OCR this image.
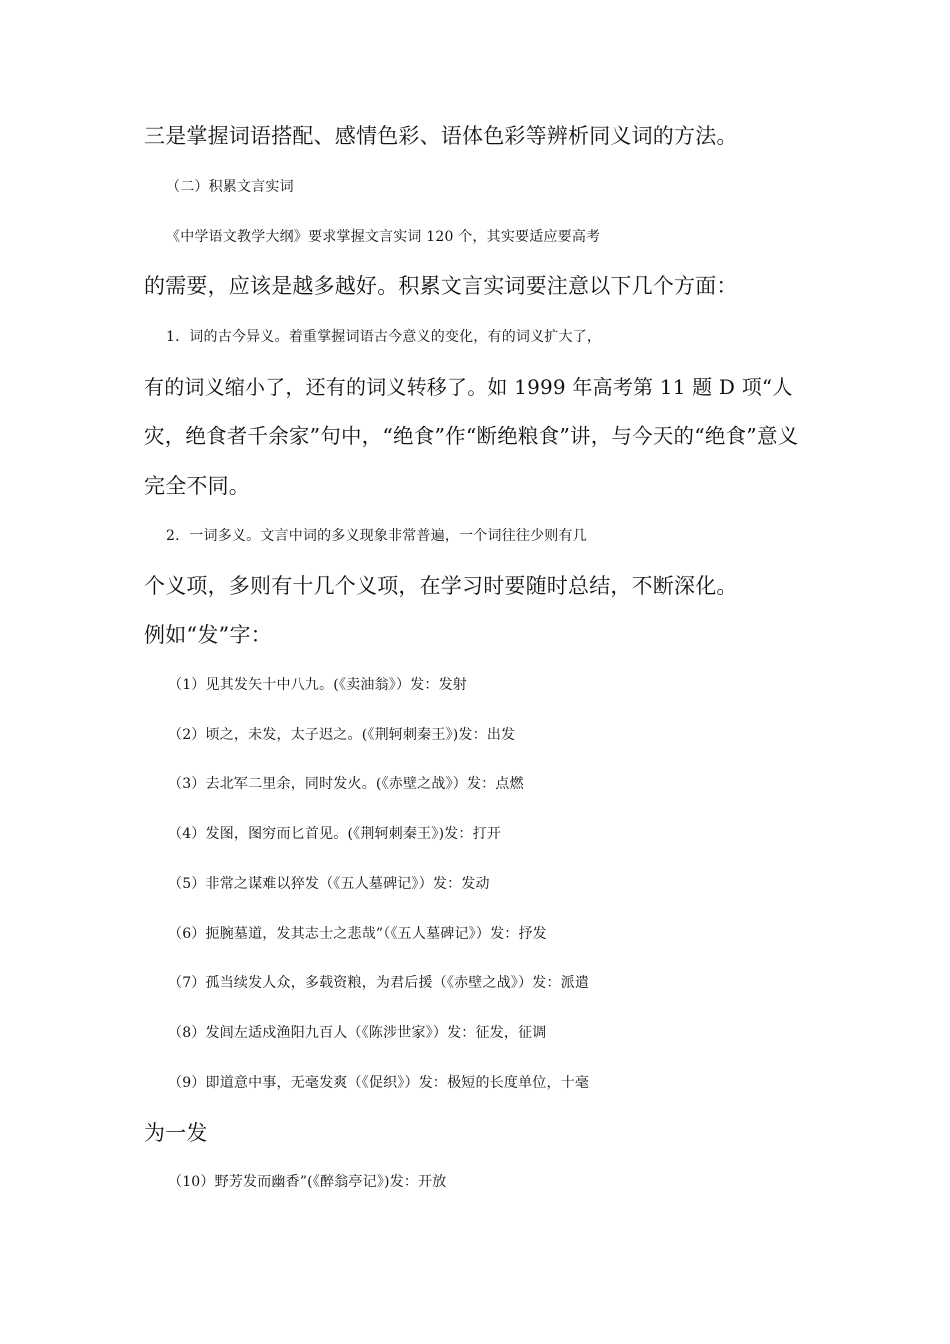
三是掌握词语搭配、感情色彩、语体色彩等辨析同义词的方法。
（二）积累文言实词
《中学语文教学大纲》要求掌握文言实词 120 个，其实要适应要高考
的需要，应该是越多越好。积累文言实词要注意以下几个方面：
1．词的古今异义。着重掌握词语古今意义的变化，有的词义扩大了，
有的词义缩小了，还有的词义转移了。如 1999 年高考第 11 题 D 项“人
灾，绝食者千余家”句中，“绝食”作“断绝粮食”讲，与今天的“绝食”意义
完全不同。
2．一词多义。文言中词的多义现象非常普遍，一个词往往少则有几
个义项，多则有十几个义项，在学习时要随时总结，不断深化。
例如“发”字：
（1）见其发矢十中八九。(《卖油翁》）发：发射
（2）顷之，未发，太子迟之。(《荆轲刺秦王》)发：出发
（3）去北军二里余，同时发火。(《赤壁之战》）发：点燃
（4）发图，图穷而匕首见。(《荆轲刺秦王》)发：打开
（5）非常之谋难以猝发（《五人墓碑记》）发：发动
（6）扼腕墓道，发其志士之悲哉”（《五人墓碑记》）发：抒发
（7）孤当续发人众，多载资粮，为君后援（《赤壁之战》）发：派遣
（8）发闾左适戍渔阳九百人（《陈涉世家》）发：征发，征调
（9）即道意中事，无毫发爽（《促织》）发：极短的长度单位，十毫
为一发
（10）野芳发而幽香”(《醉翁亭记》)发：开放
